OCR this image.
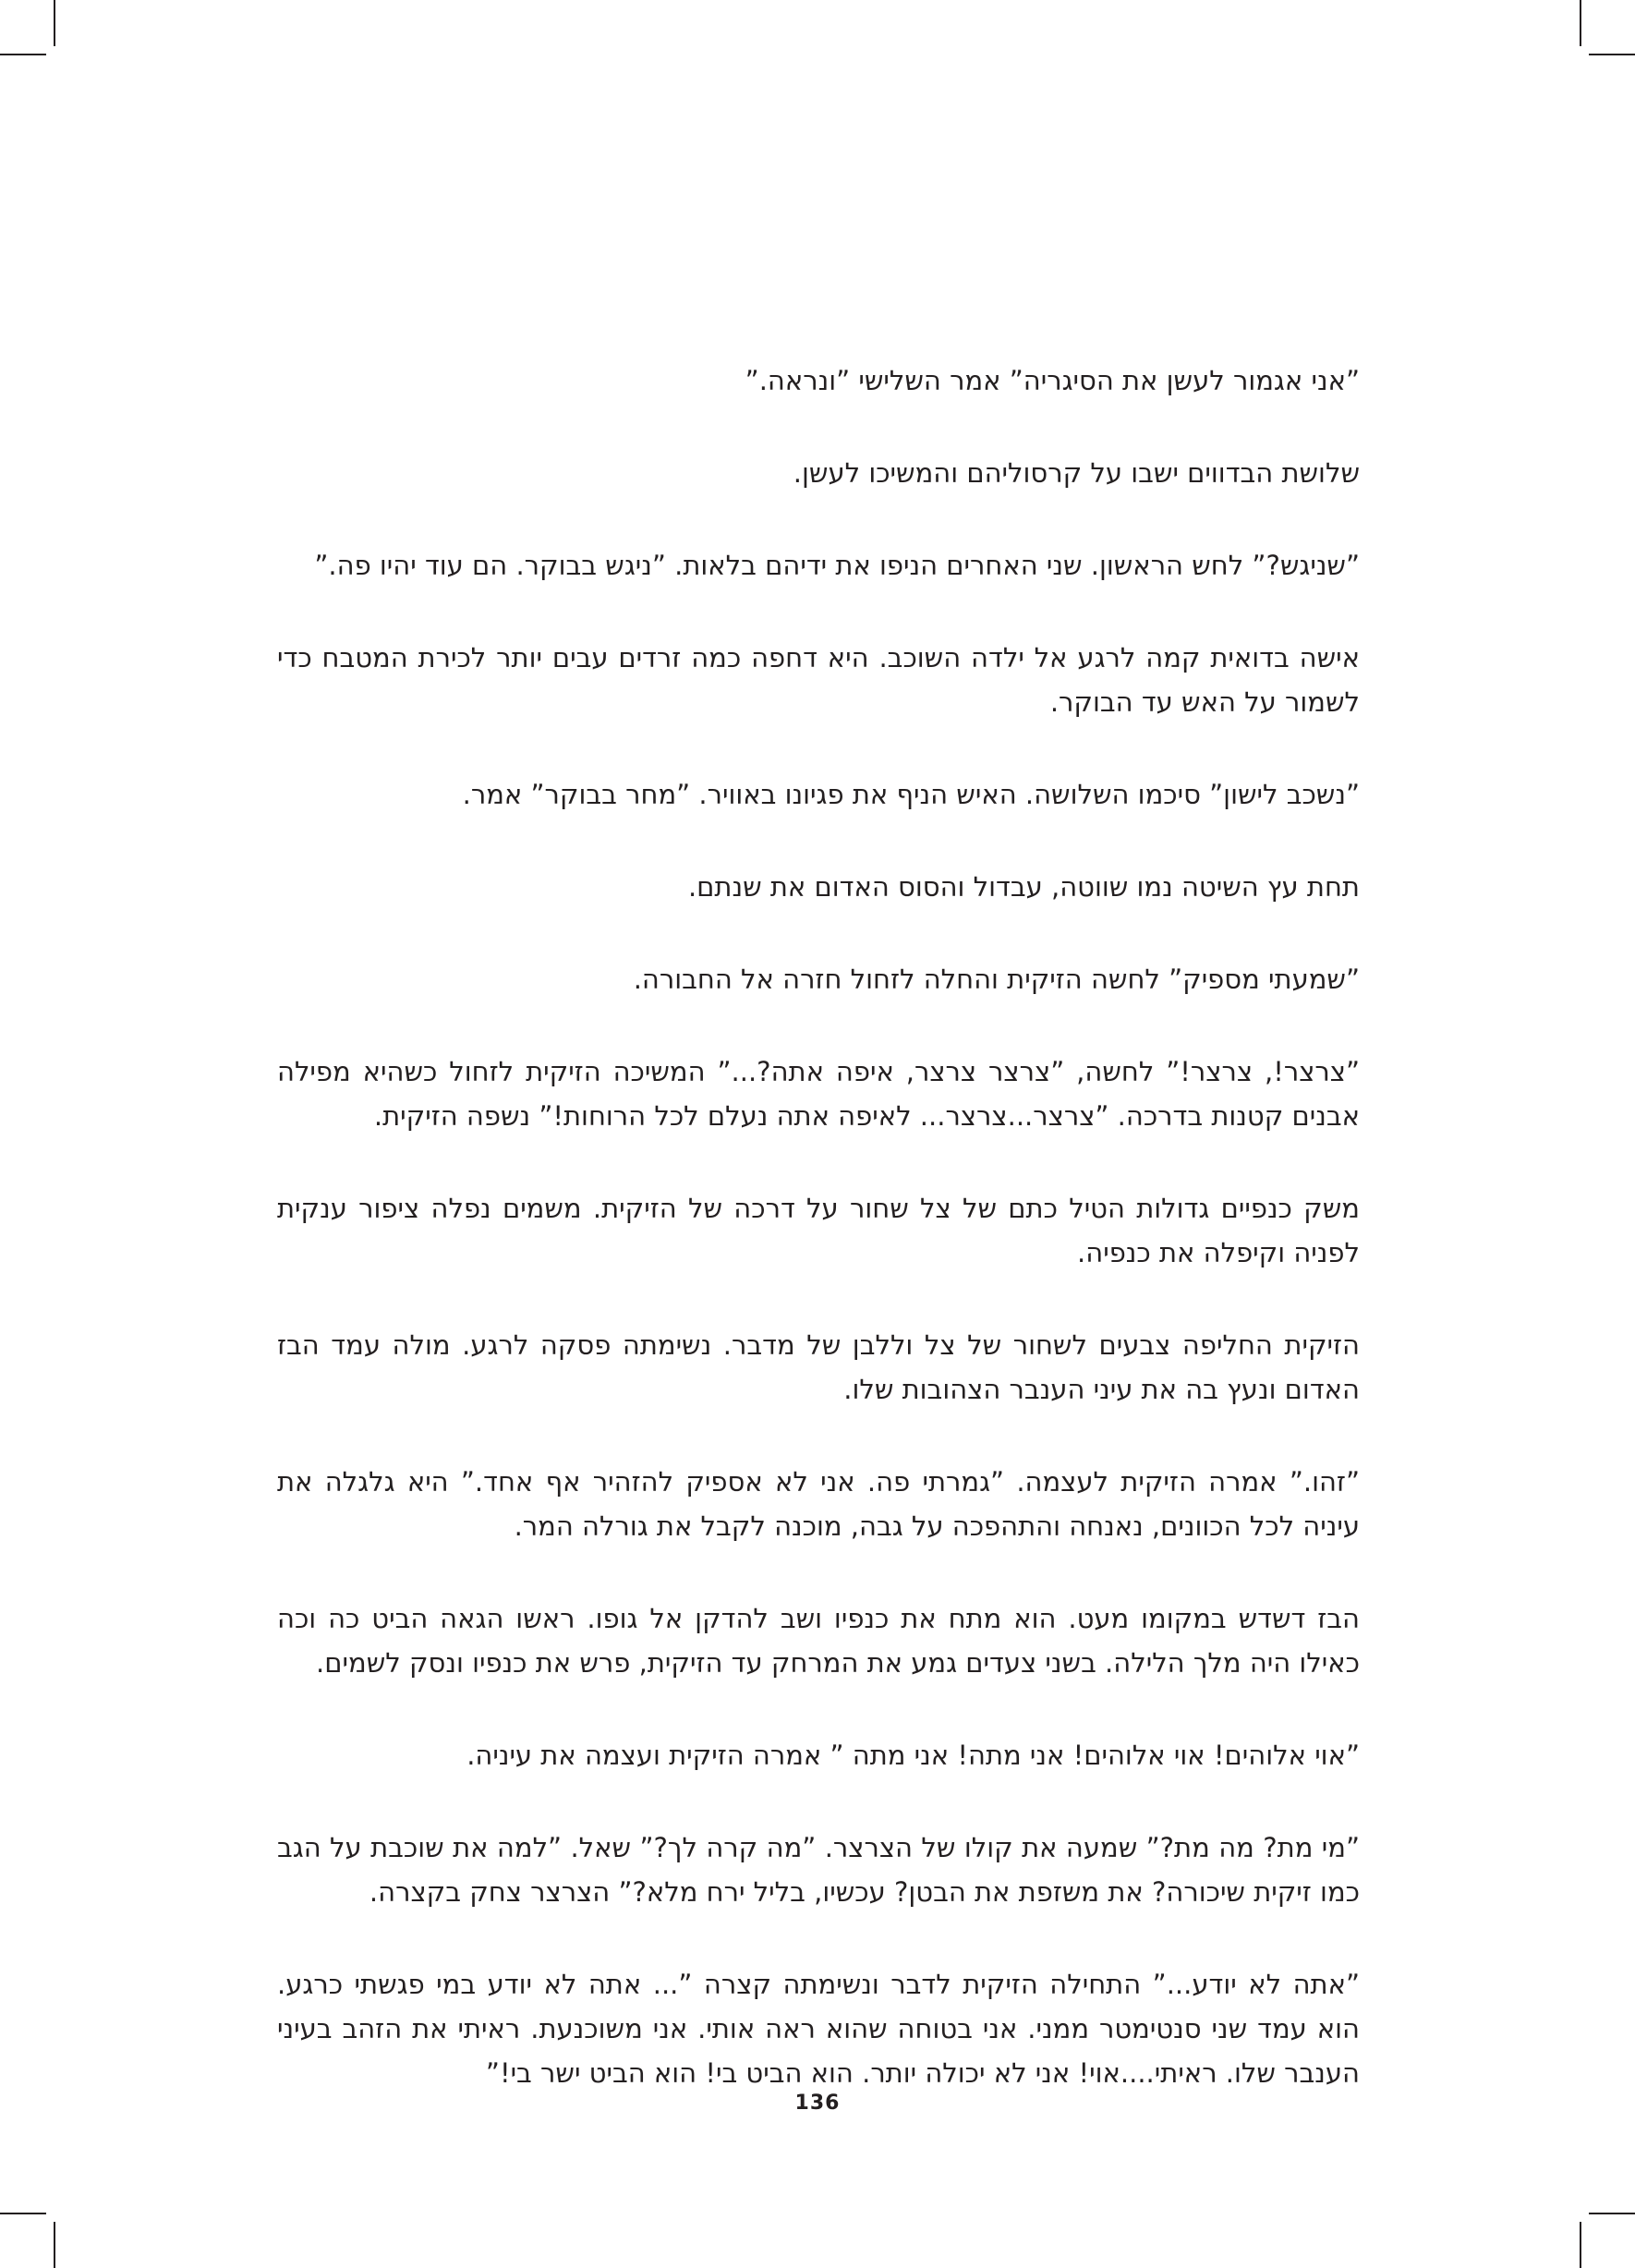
”אני אגמור לעשן את הסיגריה” אמר השלישי ”ונראה.”

שלושת הבדווים ישבו על קרסוליהם והמשיכו לעשן.

”שניגש?” לחש הראשון. שני האחרים הניפו את ידיהם בלאות. ”ניגש בבוקר. הם עוד יהיו פה.”

אישה בדואית קמה לרגע אל ילדה השוכב. היא דחפה כמה זרדים עבים יותר לכירת המטבח כדי לשמור על האש עד הבוקר.

”נשכב לישון” סיכמו השלושה. האיש הניף את פגיונו באוויר. ”מחר בבוקר” אמר.

תחת עץ השיטה נמו שווטה, עבדול והסוס האדום את שנתם.

”שמעתי מספיק” לחשה הזיקית והחלה לזחול חזרה אל החבורה.

”צרצר!, צרצר!” לחשה, ”צרצר צרצר, איפה אתה?...” המשיכה הזיקית לזחול כשהיא מפילה אבנים קטנות בדרכה. ”צרצר...צרצר... לאיפה אתה נעלם לכל הרוחות!” נשפה הזיקית.

משק כנפיים גדולות הטיל כתם של צל שחור על דרכה של הזיקית. משמים נפלה ציפור ענקית לפניה וקיפלה את כנפיה.

הזיקית החליפה צבעים לשחור של צל וללבן של מדבר. נשימתה פסקה לרגע. מולה עמד הבז האדום ונעץ בה את עיני הענבר הצהובות שלו.

”זהו.” אמרה הזיקית לעצמה. ”גמרתי פה. אני לא אספיק להזהיר אף אחד.” היא גלגלה את עיניה לכל הכוונים, נאנחה והתהפכה על גבה, מוכנה לקבל את גורלה המר.

הבז דשדש במקומו מעט. הוא מתח את כנפיו ושב להדקן אל גופו. ראשו הגאה הביט כה וכה כאילו היה מלך הלילה. בשני צעדים גמע את המרחק עד הזיקית, פרש את כנפיו ונסק לשמים.

”אוי אלוהים! אוי אלוהים! אני מתה! אני מתה ” אמרה הזיקית ועצמה את עיניה.

”מי מת? מה מת?” שמעה את קולו של הצרצר. ”מה קרה לך?” שאל. ”למה את שוכבת על הגב כמו זיקית שיכורה? את משזפת את הבטן? עכשיו, בליל ירח מלא?” הצרצר צחק בקצרה.

”אתה לא יודע...” התחילה הזיקית לדבר ונשימתה קצרה ”... אתה לא יודע במי פגשתי כרגע. הוא עמד שני סנטימטר ממני. אני בטוחה שהוא ראה אותי. אני משוכנעת. ראיתי את הזהב בעיני הענבר שלו. ראיתי....אוי! אני לא יכולה יותר. הוא הביט בי! הוא הביט ישר בי!”

136
